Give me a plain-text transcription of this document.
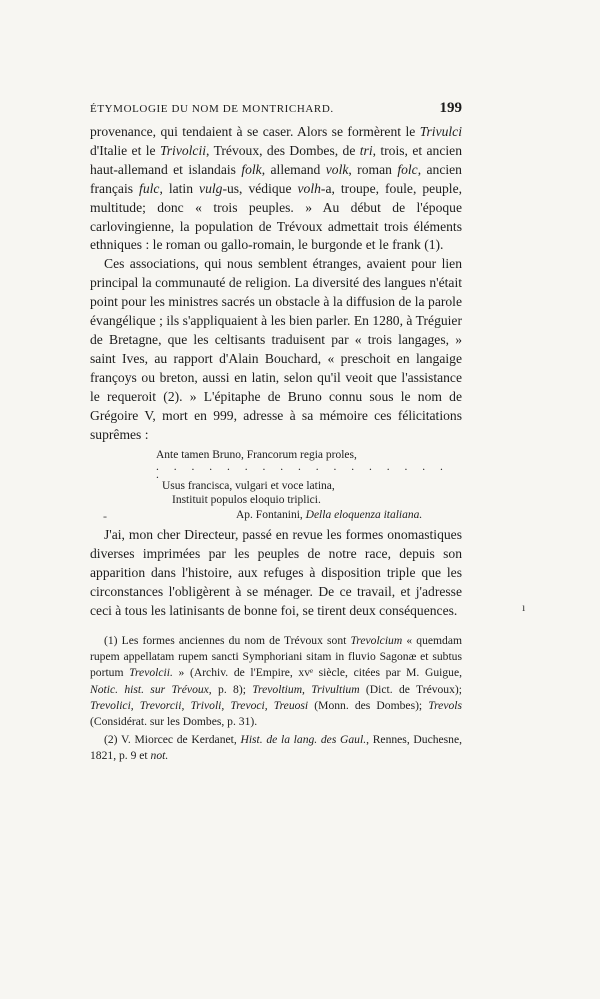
ÉTYMOLOGIE DU NOM DE MONTRICHARD.	199

provenance, qui tendaient à se caser. Alors se formèrent le Trivulci d'Italie et le Trivolcii, Trévoux, des Dombes, de tri, trois, et ancien haut-allemand et islandais folk, allemand volk, roman folc, ancien français fulc, latin vulg-us, védique volh-a, troupe, foule, peuple, multitude; donc « trois peuples. » Au début de l'époque carlovingienne, la population de Trévoux admettait trois éléments ethniques : le roman ou gallo-romain, le burgonde et le frank (1).

Ces associations, qui nous semblent étranges, avaient pour lien principal la communauté de religion. La diversité des langues n'était point pour les ministres sacrés un obstacle à la diffusion de la parole évangélique ; ils s'appliquaient à les bien parler. En 1280, à Tréguier de Bretagne, que les celtisants traduisent par « trois langages, » saint Ives, au rapport d'Alain Bouchard, « preschoit en langaige françoys ou breton, aussi en latin, selon qu'il veoit que l'assistance le requeroit (2). » L'épitaphe de Bruno connu sous le nom de Grégoire V, mort en 999, adresse à sa mémoire ces félicitations suprêmes :

Ante tamen Bruno, Francorum regia proles,
. . . . . . . . . . . . . . . . . .
Usus francisca, vulgari et voce latina,
Instituit populos eloquio triplici.
Ap. Fontanini, Della eloquenza italiana.

J'ai, mon cher Directeur, passé en revue les formes onomastiques diverses imprimées par les peuples de notre race, depuis son apparition dans l'histoire, aux refuges à disposition triple que les circonstances l'obligèrent à se ménager. De ce travail, et j'adresse ceci à tous les latinisants de bonne foi, se tirent deux conséquences.

(1) Les formes anciennes du nom de Trévoux sont Trevolcium « quemdam rupem appellatam rupem sancti Symphoriani sitam in fluvio Sagonæ et subtus portum Trevolcii. » (Archiv. de l'Empire, xvᵉ siècle, citées par M. Guigue, Notic. hist. sur Trévoux, p. 8); Trevoltium, Trivultium (Dict. de Trévoux); Trevolici, Trevorcii, Trivoli, Trevoci, Treuosi (Monn. des Dombes); Trevols (Considérat. sur les Dombes, p. 31).

(2) V. Miorcec de Kerdanet, Hist. de la lang. des Gaul., Rennes, Duchesne, 1821, p. 9 et not.

-
ı
